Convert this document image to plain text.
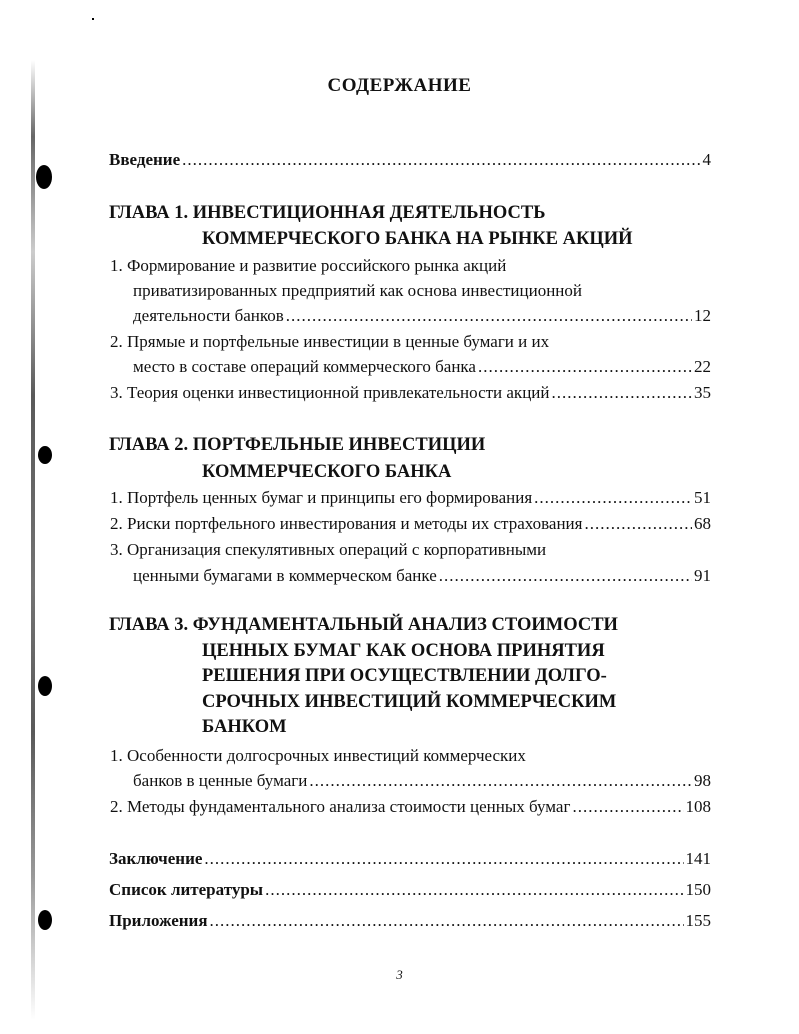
СОДЕРЖАНИЕ
Введение .....	4
ГЛАВА 1. ИНВЕСТИЦИОННАЯ ДЕЯТЕЛЬНОСТЬ
КОММЕРЧЕСКОГО БАНКА НА РЫНКЕ АКЦИЙ
1. Формирование и развитие российского рынка акций
приватизированных предприятий как основа инвестиционной
деятельности банков .....	12
2. Прямые и портфельные инвестиции в ценные бумаги и их
место в составе операций коммерческого банка .....	22
3. Теория оценки инвестиционной привлекательности акций .....	35
ГЛАВА 2. ПОРТФЕЛЬНЫЕ ИНВЕСТИЦИИ
КОММЕРЧЕСКОГО БАНКА
1. Портфель ценных бумаг и принципы его формирования .....	51
2. Риски портфельного инвестирования и методы их страхования .....	68
3. Организация спекулятивных операций с корпоративными
ценными бумагами в коммерческом банке .....	91
ГЛАВА 3. ФУНДАМЕНТАЛЬНЫЙ АНАЛИЗ СТОИМОСТИ
ЦЕННЫХ БУМАГ КАК ОСНОВА ПРИНЯТИЯ
РЕШЕНИЯ ПРИ ОСУЩЕСТВЛЕНИИ ДОЛГО-
СРОЧНЫХ ИНВЕСТИЦИЙ КОММЕРЧЕСКИМ
БАНКОМ
1. Особенности долгосрочных инвестиций коммерческих
банков в ценные бумаги .....	98
2. Методы фундаментального анализа стоимости ценных бумаг .....	108
Заключение .....	141
Список литературы .....	150
Приложения .....	155
3
